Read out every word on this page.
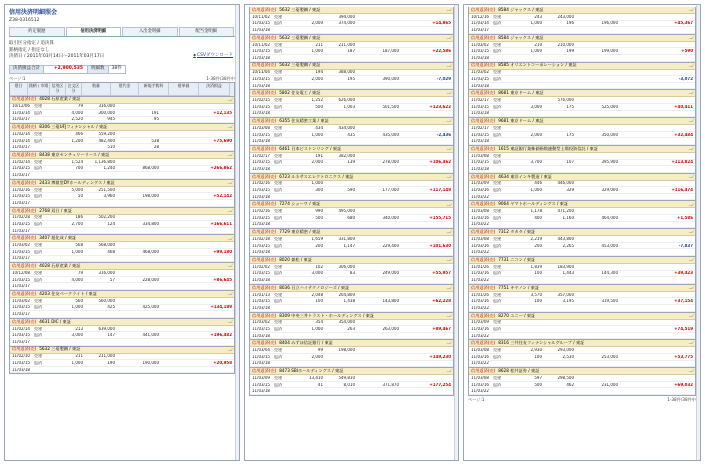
信用決済明細照会
Z38-0316512
約定履歴	信用決済明細	入出金明細	配当金明細
取引区分指定 / 追決算
銘柄指定 / 指定なし
決済日 / 2011年03月14日〜2011年03月17日
◆	CSVダウンロード
決済損益合計	+2,900,535	明細数	38件
ページ:1	1-38件/38件中
建日	銘柄 / 市場 信用区分
注文区分
数量	建代金	新規手数料	建単価	決済損益
信用返済(売) 4028 石原産業 / 東証	—⁄
10/12/06	売建	79	316,000
11/03/14	返済	4,000	300,000	191	+12,135
11/03/17	2,520	945	95
信用返済(売) 8306 三菱UFJフィナンシャル / 東証	—⁄
11/02/14	売建	466	559,200
11/03/14	返済	1,200	482,400	538	+75,690
11/03/17	510	28
信用返済(売) 8438 東京センチュリーリース / 東証	—⁄
11/02/14	売建	1,524	1,136,800
11/03/15	返済	700	1,240	868,000	+266,862
11/03/17
信用返済(売) 2433 博報堂DYホールディングス / 東証	—⁄
11/02/16	売建	5,000	251,500
11/03/15	返済	50	3,960	198,000	+52,142
11/03/17
信用返済(売) 2768 双日 / 東証	—⁄
11/02/28	売建	186	502,200
11/03/15	返済	2,700	124	334,800	+166,611
11/03/17
信用返済(売) 3407 旭化成 / 東証	—⁄
11/03/02	売建	568	568,000
11/03/15	返済	1,000	468	468,000	+99,180
11/03/17
信用返済(売) 4028 石原産業 / 東証	—⁄
10/12/08	売建	79	316,000
11/03/15	返済	4,000	57	228,000	+86,645
11/03/17
信用返済(売) 4203 住友ベークライト / 東証	—⁄
11/03/02	売建	560	560,000
11/03/15	返済	1,000	425	425,000	+134,189
11/03/17
信用返済(売) 4631 DIC / 東証	—⁄
11/02/14	売建	213	639,000
11/03/15	返済	3,000	147	441,000	+196,482
11/03/17
信用返済(売) 5632 三菱製鋼 / 東証	—⁄
11/02/10	売建	211	211,000
11/03/15	返済	1,000	190	190,000	+20,958
11/03/18
信用返済(売) 5632 三菱製鋼 / 東証	—⁄
10/11/02	売建	394,000
11/03/15	返済	2,000	374,000	+14,865
11/03/18
信用返済(売) 5632 三菱製鋼 / 東証	—⁄
10/11/02	売建	211	211,000
11/03/15	返済	1,000	187	187,000	+22,586
11/03/18
信用返済(売) 5632 三菱製鋼 / 東証	—⁄
10/11/04	売建	194	388,000
11/03/15	返済	2,000	195	390,000	-7,029
11/03/18
信用返済(売) 5802 住友電工 / 東証	—⁄
11/02/15	売建	1,252	626,000
11/03/15	返済	500	1,003	501,500	+123,622
11/03/18
信用返済(売) 6355 住友精密工業 / 東証	—⁄
11/03/08	売建	434	434,000
11/03/15	返済	1,000	435	435,000	-2,436
11/03/18
信用返済(売) 6461 日本ピストンリング / 東証	—⁄
11/02/17	売建	191	382,000
11/03/15	返済	2,000	139	278,000	+106,462
11/03/18
信用返済(売) 6723 ルネサスエレクトロニクス / 東証	—⁄
11/02/16	売建	1,000
11/03/15	返済	300	590	177,000	+117,148
11/03/18
信用返済(売) 7274 ショーワ / 東証	—⁄
11/02/16	売建	990	495,000
11/03/15	返済	500	680	340,000	+155,715
11/03/18
信用返済(売) 7729 東京精密 / 東証	—⁄
11/02/18	売建	1,659	331,800
11/03/15	返済	200	1,147	229,400	+101,630
11/03/18
信用返済(売) 8020 兼松 / 東証	—⁄
11/02/02	売建	102	306,000
11/03/15	返済	3,000	83	249,000	+55,957
11/03/18
信用返済(売) 8036 日立ハイテクノロジーズ / 東証	—⁄
11/01/13	売建	2,048	204,800
11/03/15	返済	100	1,438	143,800	+62,228
11/03/18
信用返済(売) 8309 中央三井トラスト・ホールディングス / 東証	—⁄
11/03/02	売建	354	354,000
11/03/15	返済	1,000	263	263,000	+89,467
11/03/18
信用返済(売) 8404 みずほ信託銀行 / 東証	—⁄
11/03/04	売建	99	198,000
11/03/15	返済	2,000	+149,230
11/03/18
信用返済(売) 8473 SBIホールディングス / 東証	—⁄
11/03/09	売建	13,410	549,810
11/03/15	返済	41	8,010	371,870	+177,254
11/03/18
信用返済(売) 8584 ジャックス / 東証	—⁄
10/12/16	売建	243	243,000
11/03/14	返済	1,000	196	196,000	+45,367
11/03/17
信用返済(売) 8584 ジャックス / 東証	—⁄
11/03/02	売建	210	210,000
11/03/15	返済	1,000	199	199,000	+590
11/03/18
信用返済(売) 8585 オリエントコーポレーション / 東証	—⁄
11/03/02	売建
11/03/15	返済	-3,072
11/03/18
信用返済(売) 8681 東京ドーム / 東証	—⁄
11/02/17	売建	576,000
11/03/15	返済	3,000	175	525,000	+40,411
11/03/18
信用返済(売) 9681 東京ドーム / 東証	—⁄
11/02/17	売建
11/03/15	返済	2,000	175	350,000	+32,484
11/03/18
信用返済(売) 1615 東証銀行業株価指数連動型上場投資信託 / 東証	—⁄
11/03/08	売建
11/03/15	返済	3,700	107	395,900	+113,824
11/03/18
信用返済(売) 4634 東洋インキ製造 / 東証	—⁄
11/03/09	売建	446	446,000
11/03/16	返済	1,000	329	329,000	+116,474
11/03/22
信用返済(売) 9064 ヤマトホールディングス / 東証	—⁄
11/03/08	売建	1,178	471,200
11/03/16	返済	400	1,160	464,000	+1,586
11/03/22
信用返済(売) 7312 タカタ / 東証	—⁄
11/03/08	売建	2,219	443,800
11/03/16	返済	200	2,265	453,000	-7,837
11/03/22
信用返済(売) 7731 ニコン / 東証	—⁄
11/01/26	売建	1,839	183,900
11/03/16	返済	100	1,443	144,300	+39,423
11/03/22
信用返済(売) 7751 キヤノン / 東証	—⁄
11/01/26	売建	3,570	357,000
11/03/16	返済	100	3,195	319,500	+37,154
11/03/22
信用返済(売) 8270 ユニー / 東証	—⁄
11/03/09	売建
11/03/16	返済	+74,519
11/03/22
信用返済(売) 8316 三井住友フィナンシャルグループ / 東証	—⁄
11/03/08	売建	2,930	293,000
11/03/16	返済	100	2,530	253,000	+53,775
11/03/22
信用返済(売) 8628 松井証券 / 東証	—⁄
11/03/08	売建	597	298,500
11/03/16	返済	500	462	231,000	+69,032
11/03/22
ページ:1	1-38件/38件中
